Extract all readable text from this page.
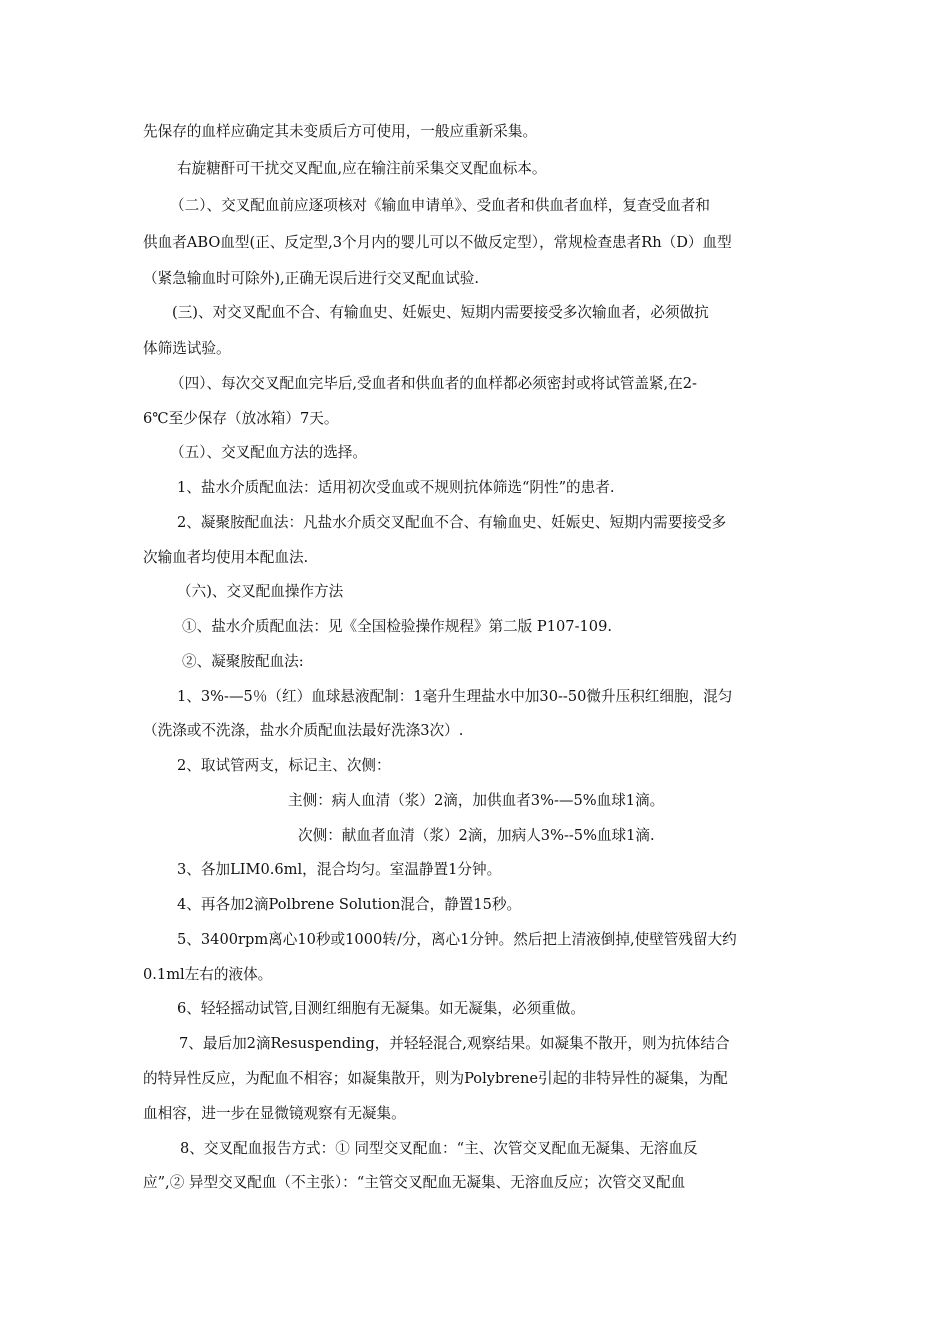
先保存的血样应确定其未变质后方可使用，一般应重新采集。
右旋糖酐可干扰交叉配血,应在输注前采集交叉配血标本。
（二）、交叉配血前应逐项核对《输血申请单》、受血者和供血者血样，复查受血者和
供血者ABO血型(正、反定型,3个月内的婴儿可以不做反定型），常规检查患者Rh（D）血型
（紧急输血时可除外),正确无误后进行交叉配血试验.
(三)、对交叉配血不合、有输血史、妊娠史、短期内需要接受多次输血者，必须做抗
体筛选试验。
（四）、每次交叉配血完毕后,受血者和供血者的血样都必须密封或将试管盖紧,在2-
6℃至少保存（放冰箱）7天。
（五）、交叉配血方法的选择。
1、盐水介质配血法：适用初次受血或不规则抗体筛选“阴性”的患者.
2、凝聚胺配血法：凡盐水介质交叉配血不合、有输血史、妊娠史、短期内需要接受多
次输血者均使用本配血法.
（六)、交叉配血操作方法
①、盐水介质配血法：见《全国检验操作规程》第二版 P107-109.
②、凝聚胺配血法:
1、3%-—5％（红）血球悬液配制：1毫升生理盐水中加30--50微升压积红细胞，混匀
（洗涤或不洗涤，盐水介质配血法最好洗涤3次）.
2、取试管两支，标记主、次侧：
主侧：病人血清（浆）2滴，加供血者3%-—5%血球1滴。
次侧：献血者血清（浆）2滴，加病人3%--5%血球1滴.
3、各加LIM0.6ml，混合均匀。室温静置1分钟。
4、再各加2滴Polbrene Solution混合，静置15秒。
5、3400rpm离心10秒或1000转/分，离心1分钟。然后把上清液倒掉,使壁管残留大约
0.1ml左右的液体。
6、轻轻摇动试管,目测红细胞有无凝集。如无凝集，必须重做。
7、最后加2滴Resuspending，并轻轻混合,观察结果。如凝集不散开，则为抗体结合
的特异性反应，为配血不相容；如凝集散开，则为Polybrene引起的非特异性的凝集，为配
血相容，进一步在显微镜观察有无凝集。
8、交叉配血报告方式：① 同型交叉配血：“主、次管交叉配血无凝集、无溶血反
应”,② 异型交叉配血（不主张）：“主管交叉配血无凝集、无溶血反应；次管交叉配血
